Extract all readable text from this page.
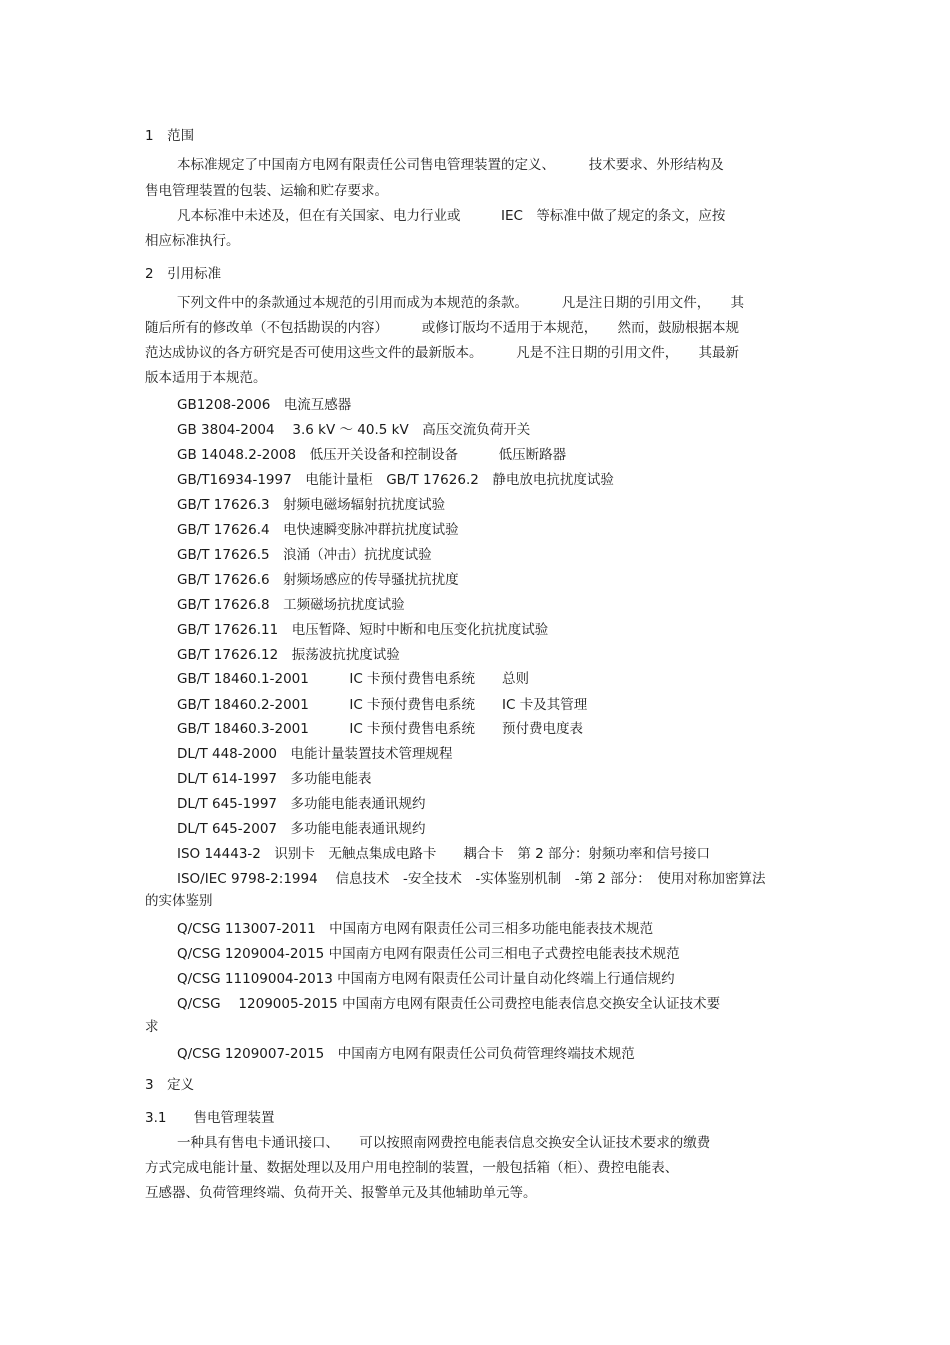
1　范围
本标准规定了中国南方电网有限责任公司售电管理装置的定义、　　　技术要求、外形结构及
售电管理装置的包装、运输和贮存要求。
凡本标准中未述及，但在有关国家、电力行业或　　　IEC　等标准中做了规定的条文，应按
相应标准执行。
2　引用标准
下列文件中的条款通过本规范的引用而成为本规范的条款。　　　凡是注日期的引用文件，　　其
随后所有的修改单（不包括勘误的内容）　　　或修订版均不适用于本规范，　　然而，鼓励根据本规
范达成协议的各方研究是否可使用这些文件的最新版本。　　　凡是不注日期的引用文件，　　其最新
版本适用于本规范。
GB1208-2006　电流互感器
GB 3804-2004　 3.6 kV ～ 40.5 kV　高压交流负荷开关
GB 14048.2-2008　低压开关设备和控制设备　　　低压断路器
GB/T16934-1997　电能计量柜　GB/T 17626.2　静电放电抗扰度试验
GB/T 17626.3　射频电磁场辐射抗扰度试验
GB/T 17626.4　电快速瞬变脉冲群抗扰度试验
GB/T 17626.5　浪涌（冲击）抗扰度试验
GB/T 17626.6　射频场感应的传导骚扰抗扰度
GB/T 17626.8　工频磁场抗扰度试验
GB/T 17626.11　电压暂降、短时中断和电压变化抗扰度试验
GB/T 17626.12　振荡波抗扰度试验
GB/T 18460.1-2001　　　IC 卡预付费售电系统　　总则
GB/T 18460.2-2001　　　IC 卡预付费售电系统　　IC 卡及其管理
GB/T 18460.3-2001　　　IC 卡预付费售电系统　　预付费电度表
DL/T 448-2000　电能计量装置技术管理规程
DL/T 614-1997　多功能电能表
DL/T 645-1997　多功能电能表通讯规约
DL/T 645-2007　多功能电能表通讯规约
ISO 14443-2　识别卡　无触点集成电路卡　　耦合卡　第 2 部分：射频功率和信号接口
ISO/IEC 9798-2:1994　 信息技术　-安全技术　-实体鉴别机制　-第 2 部分：　使用对称加密算法
的实体鉴别
Q/CSG 113007-2011　中国南方电网有限责任公司三相多功能电能表技术规范
Q/CSG 1209004-2015 中国南方电网有限责任公司三相电子式费控电能表技术规范
Q/CSG 11109004-2013 中国南方电网有限责任公司计量自动化终端上行通信规约
Q/CSG　 1209005-2015 中国南方电网有限责任公司费控电能表信息交换安全认证技术要
求
Q/CSG 1209007-2015　中国南方电网有限责任公司负荷管理终端技术规范
3　定义
3.1　　售电管理装置
一种具有售电卡通讯接口、　　可以按照南网费控电能表信息交换安全认证技术要求的缴费
方式完成电能计量、数据处理以及用户用电控制的装置，一般包括箱（柜）、费控电能表、
互感器、负荷管理终端、负荷开关、报警单元及其他辅助单元等。
